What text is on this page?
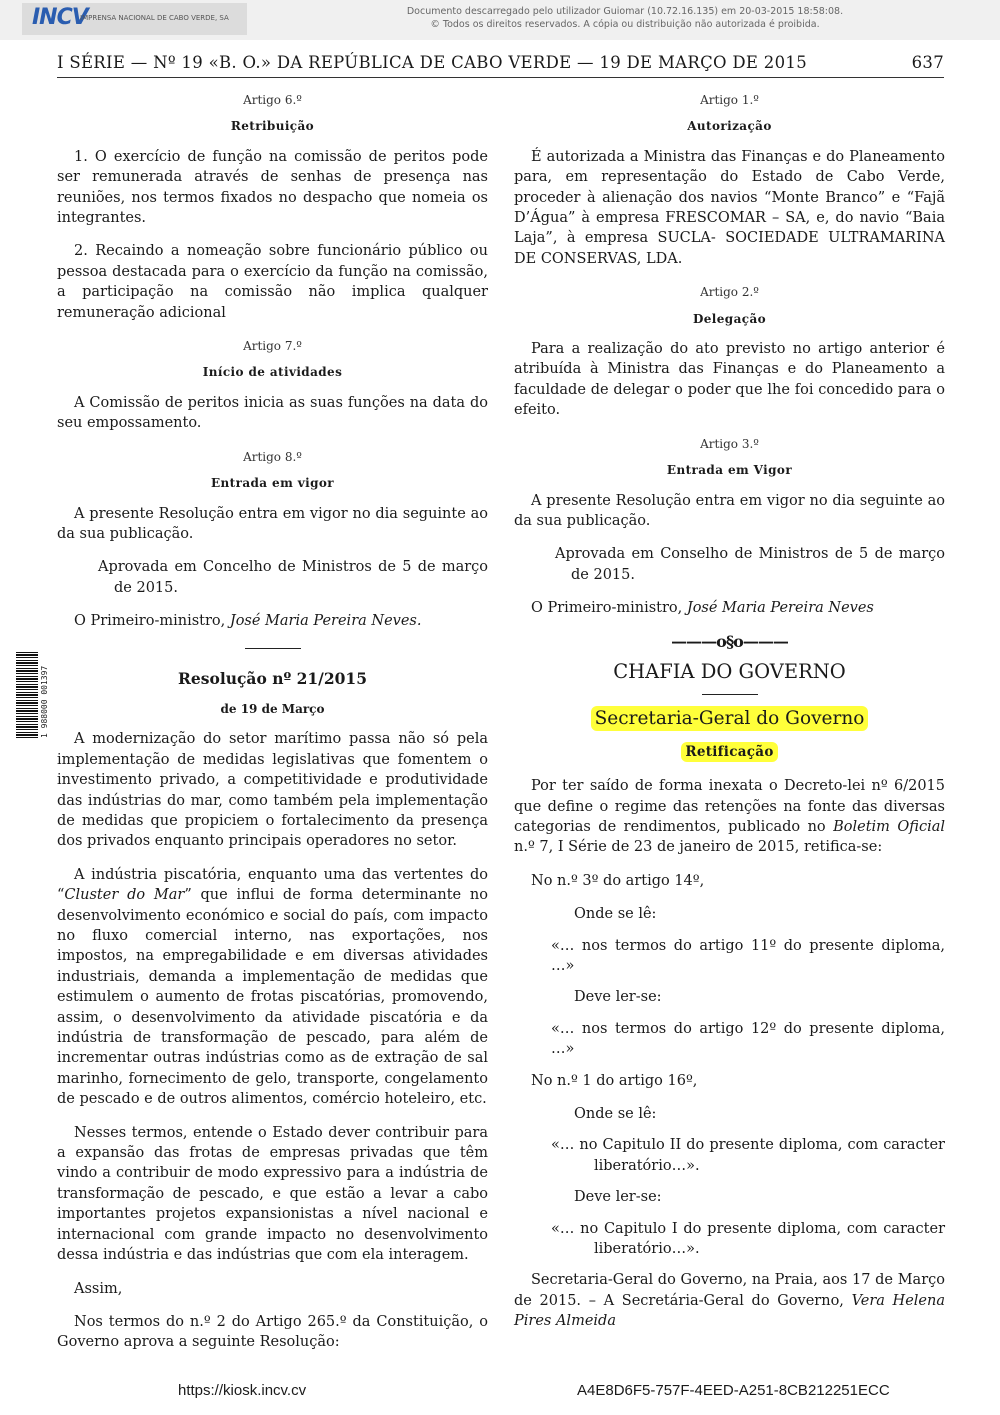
INCV
IMPRENSA NACIONAL DE CABO VERDE, SA
Documento descarregado pelo utilizador Guiomar (10.72.16.135) em 20-03-2015 18:58:08.
© Todos os direitos reservados. A cópia ou distribuição não autorizada é proibida.
I SÉRIE — Nº 19 «B. O.» DA REPÚBLICA DE CABO VERDE — 19 DE MARÇO DE 2015	637
Artigo 6.º
Retribuição

1. O exercício de função na comissão de peritos pode ser remunerada através de senhas de presença nas reuniões, nos termos fixados no despacho que nomeia os integrantes.

2. Recaindo a nomeação sobre funcionário público ou pessoa destacada para o exercício da função na comissão, a participação na comissão não implica qualquer remuneração adicional

Artigo 7.º
Início de atividades

A Comissão de peritos inicia as suas funções na data do seu empossamento.

Artigo 8.º
Entrada em vigor

A presente Resolução entra em vigor no dia seguinte ao da sua publicação.

Aprovada em Concelho de Ministros de 5 de março de 2015.

O Primeiro-ministro, José Maria Pereira Neves.

Resolução nº 21/2015
de 19 de Março

A modernização do setor marítimo passa não só pela implementação de medidas legislativas que fomentem o investimento privado, a competitividade e produtividade das indústrias do mar, como também pela implementação de medidas que propiciem o fortalecimento da presença dos privados enquanto principais operadores no setor.

A indústria piscatória, enquanto uma das vertentes do “Cluster do Mar” que influi de forma determinante no desenvolvimento económico e social do país, com impacto no fluxo comercial interno, nas exportações, nos impostos, na empregabilidade e em diversas atividades industriais, demanda a implementação de medidas que estimulem o aumento de frotas piscatórias, promovendo, assim, o desenvolvimento da atividade piscatória e da indústria de transformação de pescado, para além de incrementar outras indústrias como as de extração de sal marinho, fornecimento de gelo, transporte, congelamento de pescado e de outros alimentos, comércio hoteleiro, etc.

Nesses termos, entende o Estado dever contribuir para a expansão das frotas de empresas privadas que têm vindo a contribuir de modo expressivo para a indústria de transformação de pescado, e que estão a levar a cabo importantes projetos expansionistas a nível nacional e internacional com grande impacto no desenvolvimento dessa indústria e das indústrias que com ela interagem.

Assim,

Nos termos do n.º 2 do Artigo 265.º da Constituição, o Governo aprova a seguinte Resolução:

Artigo 1.º
Autorização

É autorizada a Ministra das Finanças e do Planeamento para, em representação do Estado de Cabo Verde, proceder à alienação dos navios “Monte Branco” e “Fajã D’Água” à empresa FRESCOMAR – SA, e, do navio “Baia Laja”, à empresa SUCLA- SOCIEDADE ULTRAMARINA DE CONSERVAS, LDA.

Artigo 2.º
Delegação

Para a realização do ato previsto no artigo anterior é atribuída à Ministra das Finanças e do Planeamento a faculdade de delegar o poder que lhe foi concedido para o efeito.

Artigo 3.º
Entrada em Vigor

A presente Resolução entra em vigor no dia seguinte ao da sua publicação.

Aprovada em Conselho de Ministros de 5 de março de 2015.

O Primeiro-ministro, José Maria Pereira Neves

———o§o———
CHAFIA DO GOVERNO
Secretaria-Geral do Governo
Retificação

Por ter saído de forma inexata o Decreto-lei nº 6/2015 que define o regime das retenções na fonte das diversas categorias de rendimentos, publicado no Boletim Oficial n.º 7, I Série de 23 de janeiro de 2015, retifica-se:

No n.º 3º do artigo 14º,

Onde se lê:

«… nos termos do artigo 11º do presente diploma, …»

Deve ler-se:

«… nos termos do artigo 12º do presente diploma, …»

No n.º 1 do artigo 16º,

Onde se lê:

«… no Capitulo II do presente diploma, com caracter liberatório…».

Deve ler-se:

«… no Capitulo I do presente diploma, com caracter liberatório…».

Secretaria-Geral do Governo, na Praia, aos 17 de Março de 2015. – A Secretária-Geral do Governo, Vera Helena Pires Almeida

1 988000 001397
https://kiosk.incv.cv	A4E8D6F5-757F-4EED-A251-8CB212251ECC
